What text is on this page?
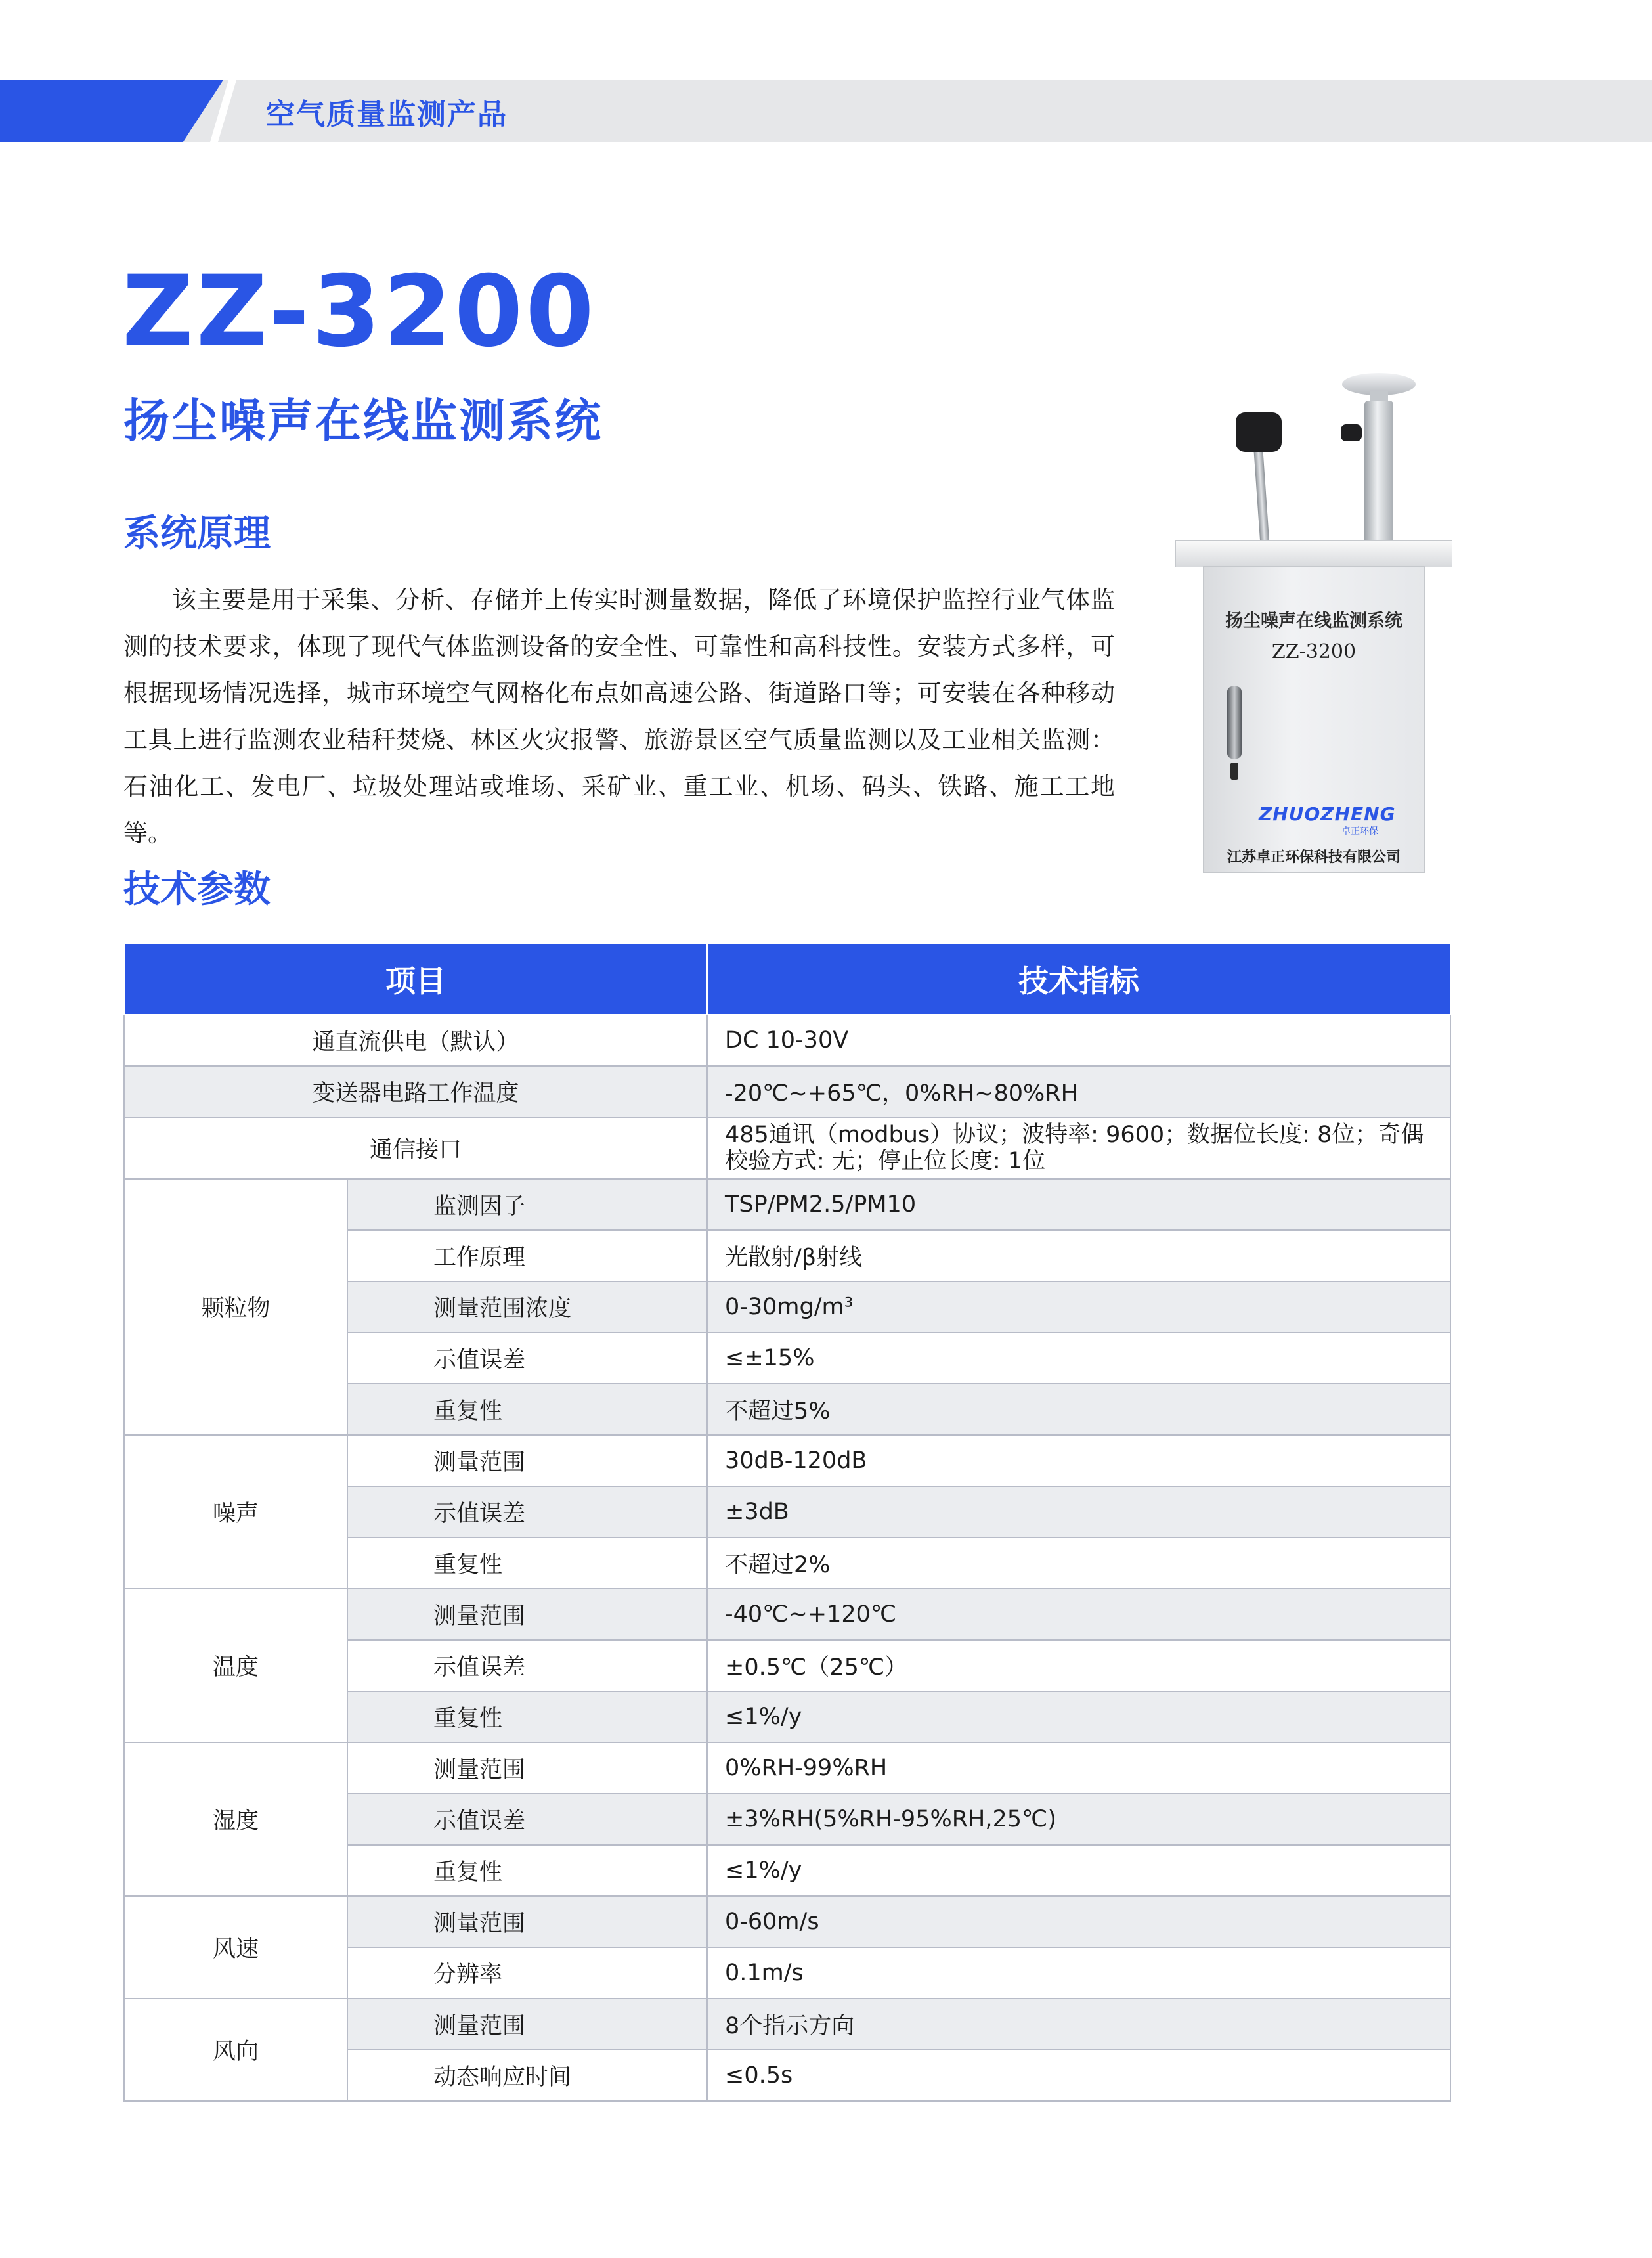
空气质量监测产品
ZZ-3200
扬尘噪声在线监测系统
系统原理

该主要是用于采集、分析、存储并上传实时测量数据，降低了环境保护监控行业气体监测的技术要求，体现了现代气体监测设备的安全性、可靠性和高科技性。安装方式多样，可根据现场情况选择，城市环境空气网格化布点如高速公路、街道路口等；可安装在各种移动工具上进行监测农业秸秆焚烧、林区火灾报警、旅游景区空气质量监测以及工业相关监测：石油化工、发电厂、垃圾处理站或堆场、采矿业、重工业、机场、码头、铁路、施工工地等。

扬尘噪声在线监测系统
ZZ-3200
ZHUOZHENG
卓正环保
江苏卓正环保科技有限公司
技术参数
项目		技术指标
通直流供电（默认）		DC 10-30V
变送器电路工作温度		-20℃~+65℃，0%RH~80%RH
通信接口		485通讯（modbus）协议；波特率: 9600；数据位长度: 8位；奇偶校验方式: 无；停止位长度: 1位
颗粒物	监测因子	TSP/PM2.5/PM10
	工作原理	光散射/β射线
	测量范围浓度	0-30mg/m³
	示值误差	≤±15%
	重复性	不超过5%
噪声	测量范围	30dB-120dB
	示值误差	±3dB
	重复性	不超过2%
温度	测量范围	-40℃~+120℃
	示值误差	±0.5℃（25℃）
	重复性	≤1%/y
湿度	测量范围	0%RH-99%RH
	示值误差	±3%RH(5%RH-95%RH,25℃)
	重复性	≤1%/y
风速	测量范围	0-60m/s
	分辨率	0.1m/s
风向	测量范围	8个指示方向
	动态响应时间	≤0.5s
